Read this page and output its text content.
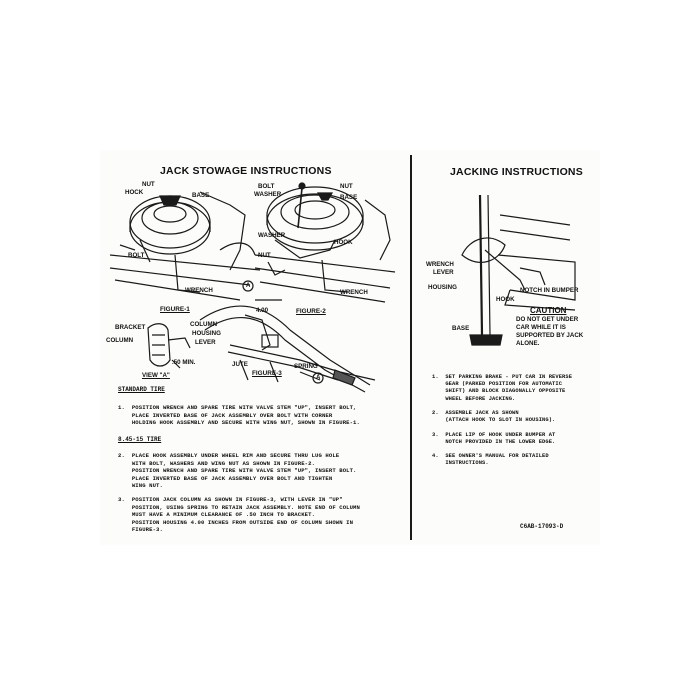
JACK STOWAGE INSTRUCTIONS
NUT
HOCK	BASE
BOLT
WRENCH
A
BOLT
WASHER
NUT
BASE
WASHER
NUT
HOOK
WRENCH
FIGURE-1	FIGURE-2
COLUMN
4.00
BRACKET
COLUMN
HOUSING
LEVER
.50 MIN.	JUTE	SPRING
A
FIGURE-3
VIEW "A"
STANDARD TIRE
1.  POSITION WRENCH AND SPARE TIRE WITH VALVE STEM "UP", INSERT BOLT,
PLACE INVERTED BASE OF JACK ASSEMBLY OVER BOLT WITH CORNER
HOLDING HOOK ASSEMBLY AND SECURE WITH WING NUT, SHOWN IN FIGURE-1.
8.45-15 TIRE
2.  PLACE HOOK ASSEMBLY UNDER WHEEL RIM AND SECURE THRU LUG HOLE
WITH BOLT, WASHERS AND WING NUT AS SHOWN IN FIGURE-2.
POSITION WRENCH AND SPARE TIRE WITH VALVE STEM "UP", INSERT BOLT.
PLACE INVERTED BASE OF JACK ASSEMBLY OVER BOLT AND TIGHTEN
WING NUT.
3.  POSITION JACK COLUMN AS SHOWN IN FIGURE-3, WITH LEVER IN "UP"
POSITION, USING SPRING TO RETAIN JACK ASSEMBLY. NOTE END OF COLUMN
MUST HAVE A MINIMUM CLEARANCE OF .50 INCH TO BRACKET.
POSITION HOUSING 4.00 INCHES FROM OUTSIDE END OF COLUMN SHOWN IN
FIGURE-3.
JACKING INSTRUCTIONS
WRENCH
LEVER
HOUSING
HOOK
NOTCH IN BUMPER
BASE
CAUTION
DO NOT GET UNDER
CAR WHILE IT IS
SUPPORTED BY JACK
ALONE.
1.  SET PARKING BRAKE - PUT CAR IN REVERSE
GEAR (PARKED POSITION FOR AUTOMATIC
SHIFT) AND BLOCK DIAGONALLY OPPOSITE
WHEEL BEFORE JACKING.

2.  ASSEMBLE JACK AS SHOWN
(ATTACH HOOK TO SLOT IN HOUSING).

3.  PLACE LIP OF HOOK UNDER BUMPER AT
NOTCH PROVIDED IN THE LOWER EDGE.

4.  SEE OWNER'S MANUAL FOR DETAILED
INSTRUCTIONS.
C6AB-17093-D
